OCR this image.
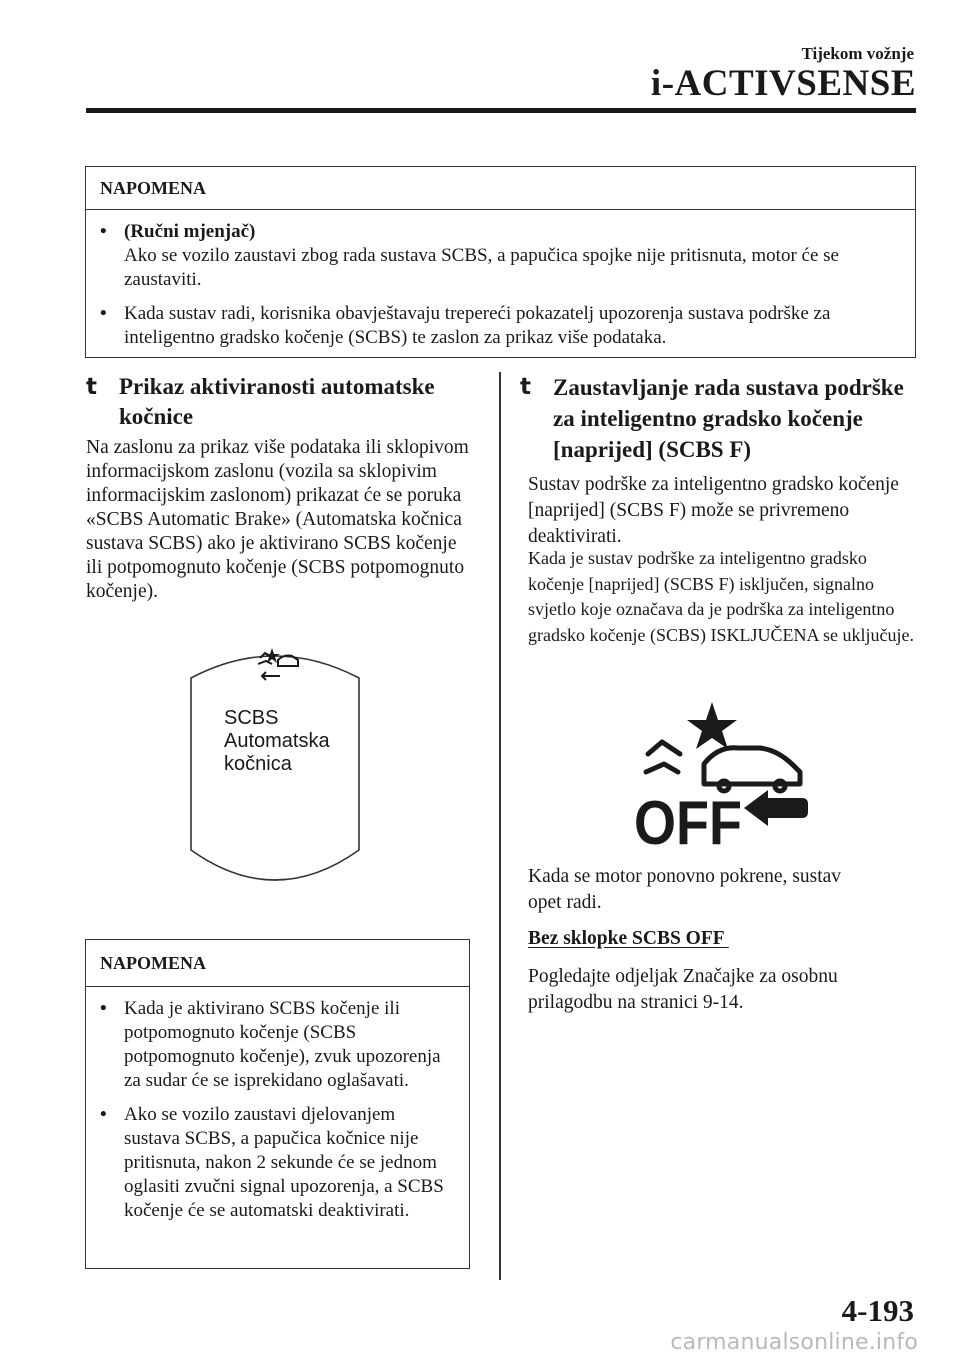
Tijekom vožnje
i-ACTIVSENSE
NAPOMENA
• (Ručni mjenjač)
Ako se vozilo zaustavi zbog rada sustava SCBS, a papučica spojke nije pritisnuta, motor će se zaustaviti.
• Kada sustav radi, korisnika obavještavaju trepereći pokazatelj upozorenja sustava podrške za inteligentno gradsko kočenje (SCBS) te zaslon za prikaz više podataka.
t Prikaz aktiviranosti automatske kočnice
Na zaslonu za prikaz više podataka ili sklopivom informacijskom zaslonu (vozila sa sklopivim informacijskim zaslonom) prikazat će se poruka «SCBS Automatic Brake» (Automatska kočnica sustava SCBS) ako je aktivirano SCBS kočenje ili potpomognuto kočenje (SCBS potpomognuto kočenje).
SCBS
Automatska
kočnica
NAPOMENA
• Kada je aktivirano SCBS kočenje ili potpomognuto kočenje (SCBS potpomognuto kočenje), zvuk upozorenja za sudar će se isprekidano oglašavati.
• Ako se vozilo zaustavi djelovanjem sustava SCBS, a papučica kočnice nije pritisnuta, nakon 2 sekunde će se jednom oglasiti zvučni signal upozorenja, a SCBS kočenje će se automatski deaktivirati.
t Zaustavljanje rada sustava podrške za inteligentno gradsko kočenje [naprijed] (SCBS F)
Sustav podrške za inteligentno gradsko kočenje [naprijed] (SCBS F) može se privremeno deaktivirati.
Kada je sustav podrške za inteligentno gradsko kočenje [naprijed] (SCBS F) isključen, signalno svjetlo koje označava da je podrška za inteligentno gradsko kočenje (SCBS) ISKLJUČENA se uključuje.
OFF
Kada se motor ponovno pokrene, sustav opet radi.
Bez sklopke SCBS OFF
Pogledajte odjeljak Značajke za osobnu prilagodbu na stranici 9-14.
4-193
carmanualsonline.info
